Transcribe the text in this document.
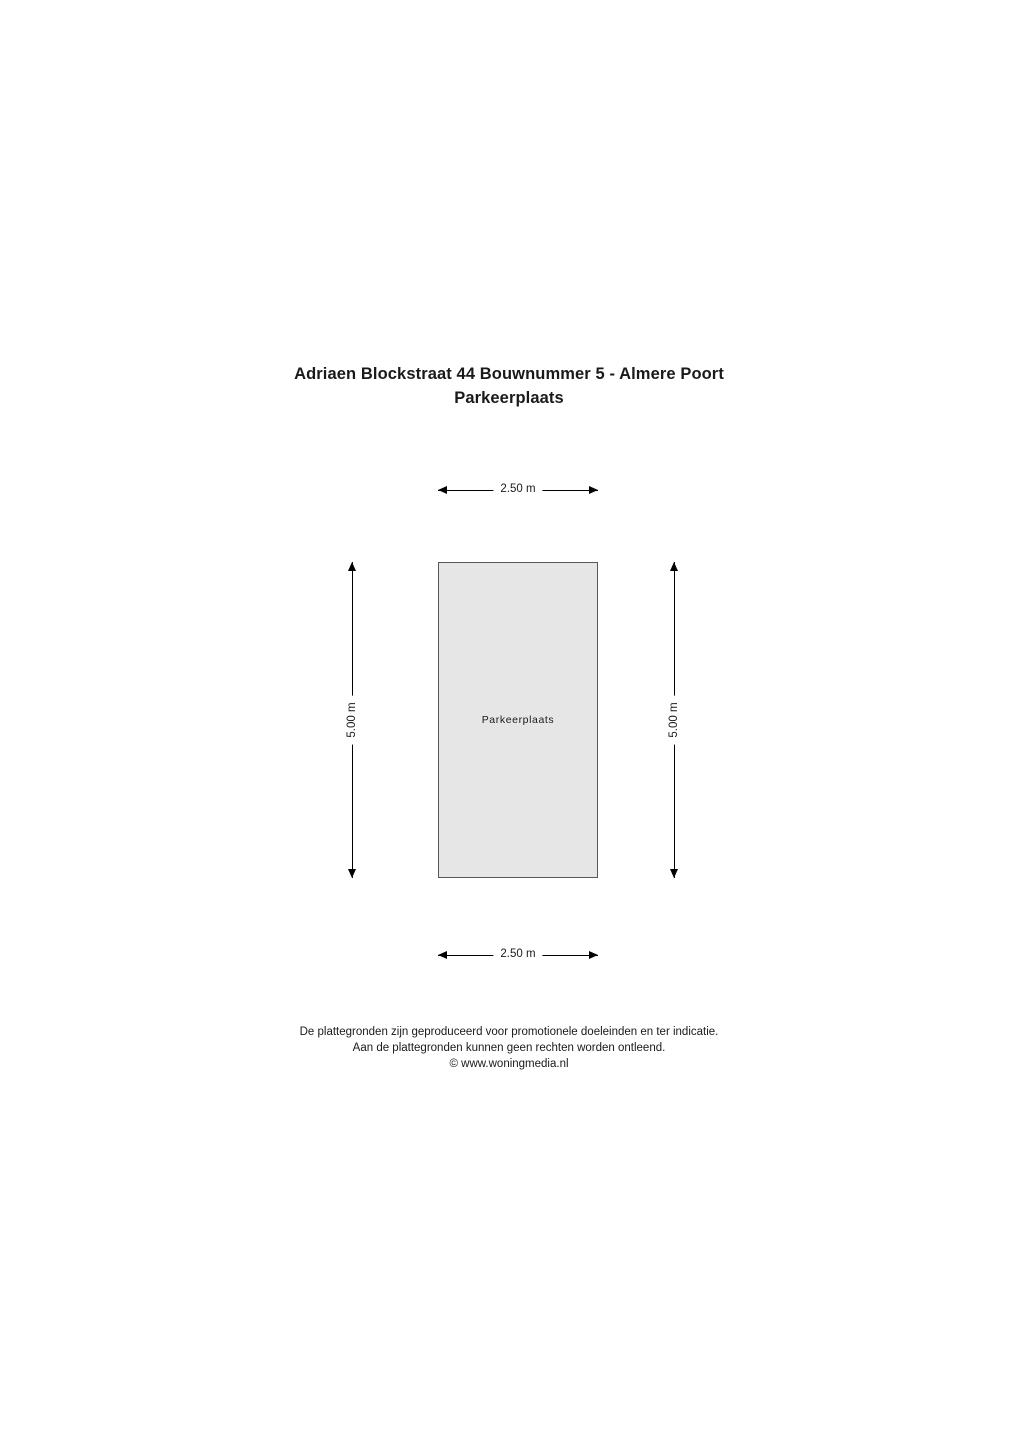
Adriaen Blockstraat 44 Bouwnummer 5 - Almere Poort
Parkeerplaats
2.50 m
5.00 m	5.00 m
Parkeerplaats
2.50 m
De plattegronden zijn geproduceerd voor promotionele doeleinden en ter indicatie.
Aan de plattegronden kunnen geen rechten worden ontleend.
© www.woningmedia.nl
